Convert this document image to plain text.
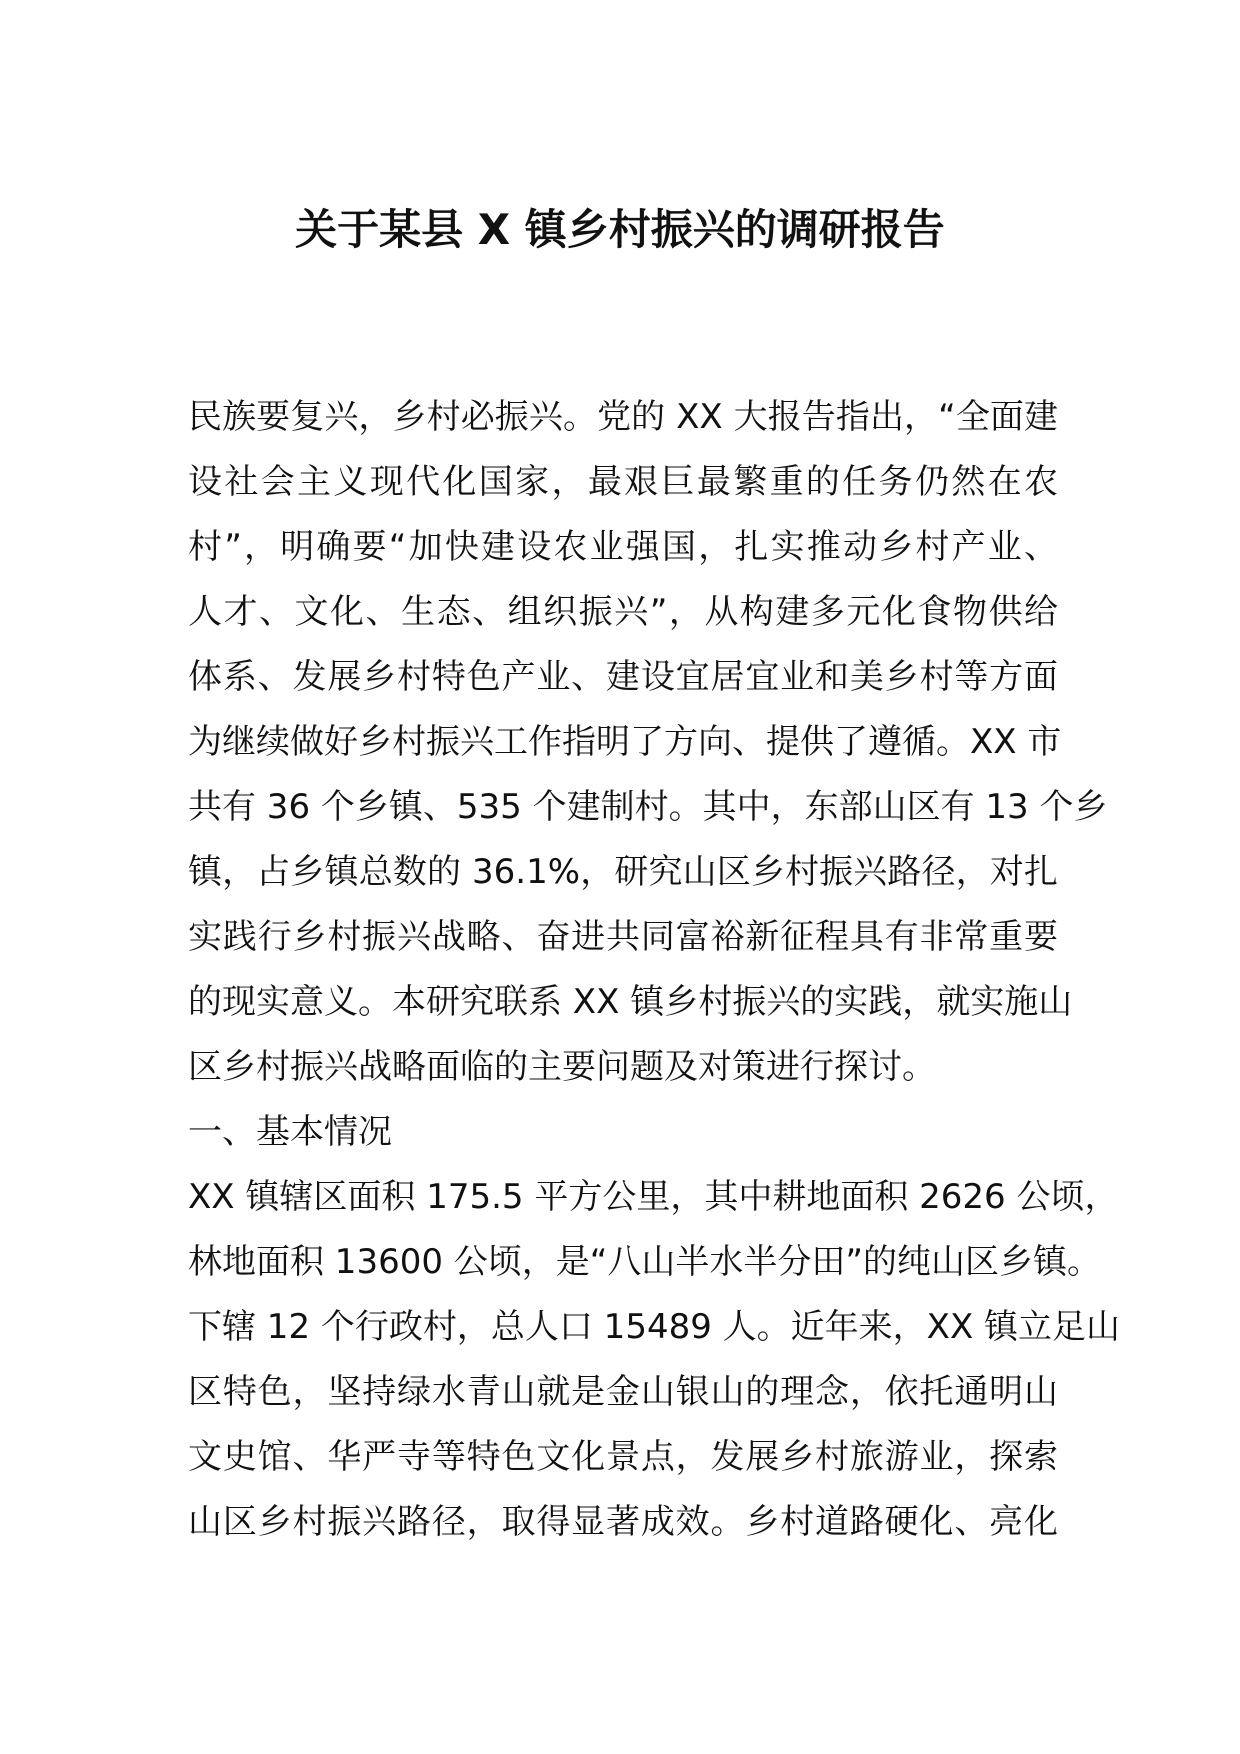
关于某县 X 镇乡村振兴的调研报告
民族要复兴，乡村必振兴。党的 XX 大报告指出，“全面建
设社会主义现代化国家，最艰巨最繁重的任务仍然在农
村”，明确要“加快建设农业强国，扎实推动乡村产业、
人才、文化、生态、组织振兴”，从构建多元化食物供给
体系、发展乡村特色产业、建设宜居宜业和美乡村等方面
为继续做好乡村振兴工作指明了方向、提供了遵循。XX 市
共有 36 个乡镇、535 个建制村。其中，东部山区有 13 个乡
镇，占乡镇总数的 36.1%，研究山区乡村振兴路径，对扎
实践行乡村振兴战略、奋进共同富裕新征程具有非常重要
的现实意义。本研究联系 XX 镇乡村振兴的实践，就实施山
区乡村振兴战略面临的主要问题及对策进行探讨。
一、基本情况
XX 镇辖区面积 175.5 平方公里，其中耕地面积 2626 公顷，
林地面积 13600 公顷，是“八山半水半分田”的纯山区乡镇。
下辖 12 个行政村，总人口 15489 人。近年来，XX 镇立足山
区特色，坚持绿水青山就是金山银山的理念，依托通明山
文史馆、华严寺等特色文化景点，发展乡村旅游业，探索
山区乡村振兴路径，取得显著成效。乡村道路硬化、亮化
